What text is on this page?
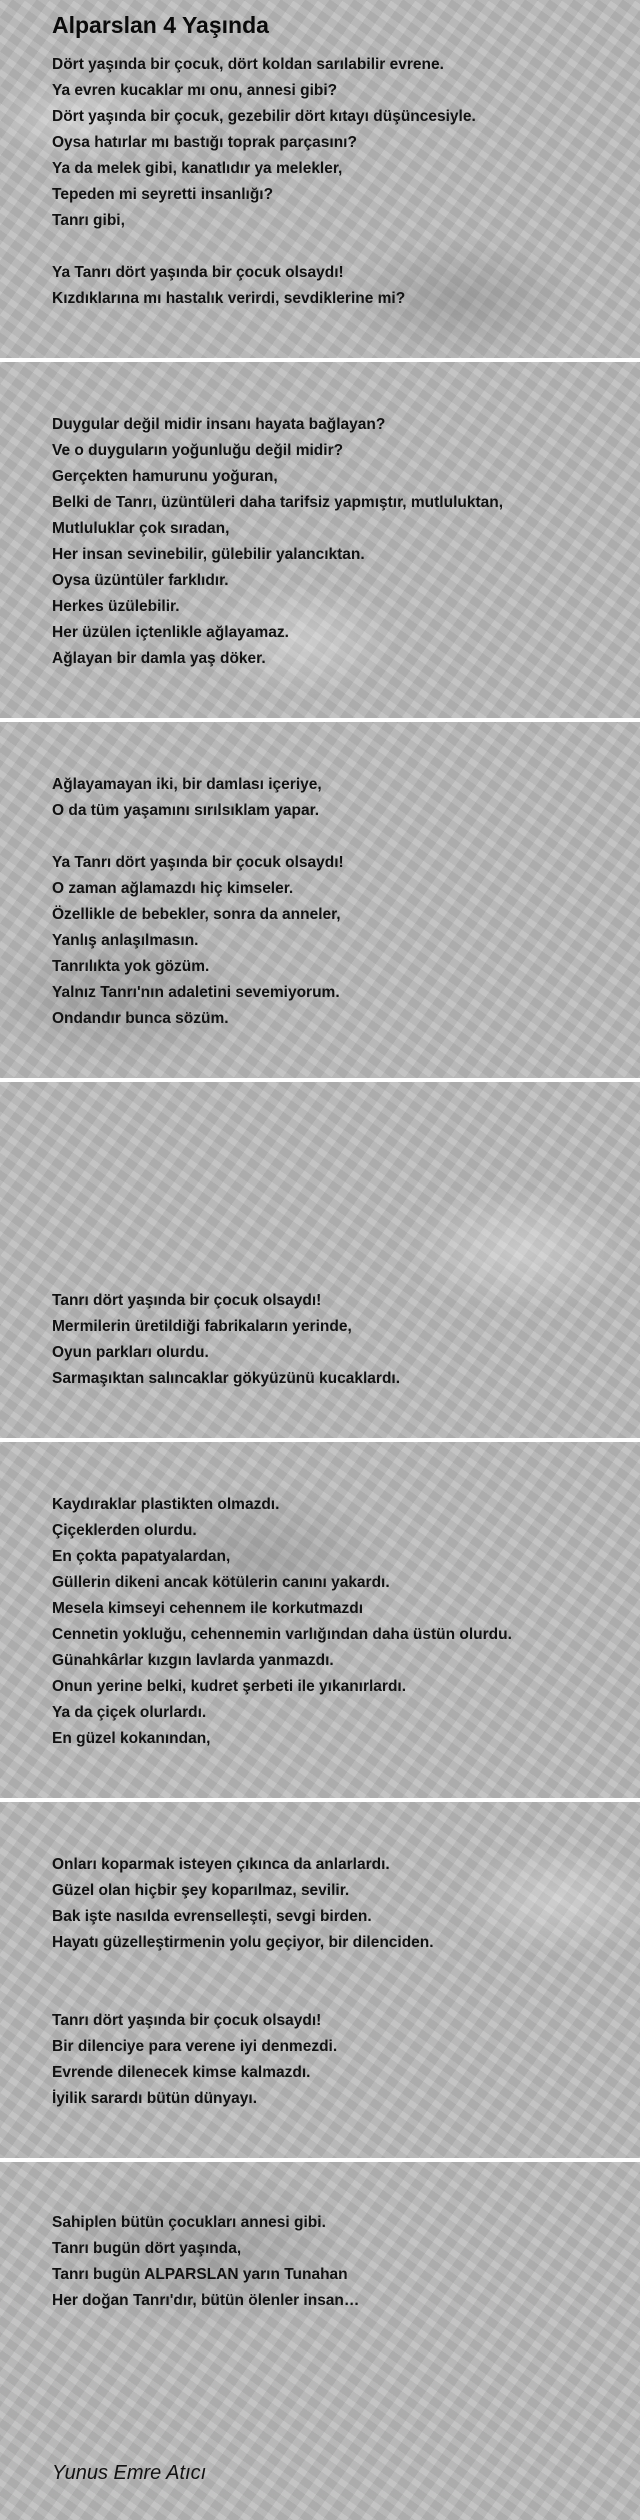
Alparslan 4 Yaşında

Dört yaşında bir çocuk, dört koldan sarılabilir evrene.

Ya evren kucaklar mı onu, annesi gibi?

Dört yaşında bir çocuk, gezebilir dört kıtayı düşüncesiyle.

Oysa hatırlar mı bastığı toprak parçasını?

Ya da melek gibi, kanatlıdır ya melekler,

Tepeden mi seyretti insanlığı?

Tanrı gibi,

Ya Tanrı dört yaşında bir çocuk olsaydı!

Kızdıklarına mı hastalık verirdi, sevdiklerine mi?

Duygular değil midir insanı hayata bağlayan?

Ve o duyguların yoğunluğu değil midir?

Gerçekten hamurunu yoğuran,

Belki de Tanrı, üzüntüleri daha tarifsiz yapmıştır, mutluluktan,

Mutluluklar çok sıradan,

Her insan sevinebilir, gülebilir yalancıktan.

Oysa üzüntüler farklıdır.

Herkes üzülebilir.

Her üzülen içtenlikle ağlayamaz.

Ağlayan bir damla yaş döker.

Ağlayamayan iki, bir damlası içeriye,

O da tüm yaşamını sırılsıklam yapar.

Ya Tanrı dört yaşında bir çocuk olsaydı!

O zaman ağlamazdı hiç kimseler.

Özellikle de bebekler, sonra da anneler,

Yanlış anlaşılmasın.

Tanrılıkta yok gözüm.

Yalnız Tanrı'nın adaletini sevemiyorum.

Ondandır bunca sözüm.

Tanrı dört yaşında bir çocuk olsaydı!

Mermilerin üretildiği fabrikaların yerinde,

Oyun parkları olurdu.

Sarmaşıktan salıncaklar gökyüzünü kucaklardı.

Kaydıraklar plastikten olmazdı.

Çiçeklerden olurdu.

En çokta papatyalardan,

Güllerin dikeni ancak kötülerin canını yakardı.

Mesela kimseyi cehennem ile korkutmazdı

Cennetin yokluğu, cehennemin varlığından daha üstün olurdu.

Günahkârlar kızgın lavlarda yanmazdı.

Onun yerine belki, kudret şerbeti ile yıkanırlardı.

Ya da çiçek olurlardı.

En güzel kokanından,

Onları koparmak isteyen çıkınca da anlarlardı.

Güzel olan hiçbir şey koparılmaz, sevilir.

Bak işte nasılda evrenselleşti, sevgi birden.

Hayatı güzelleştirmenin yolu geçiyor, bir dilenciden.

Tanrı dört yaşında bir çocuk olsaydı!

Bir dilenciye para verene iyi denmezdi.

Evrende dilenecek kimse kalmazdı.

İyilik sarardı bütün dünyayı.

Sahiplen bütün çocukları annesi gibi.

Tanrı bugün dört yaşında,

Tanrı bugün ALPARSLAN yarın Tunahan

Her doğan Tanrı'dır, bütün ölenler insan…

Yunus Emre Atıcı
